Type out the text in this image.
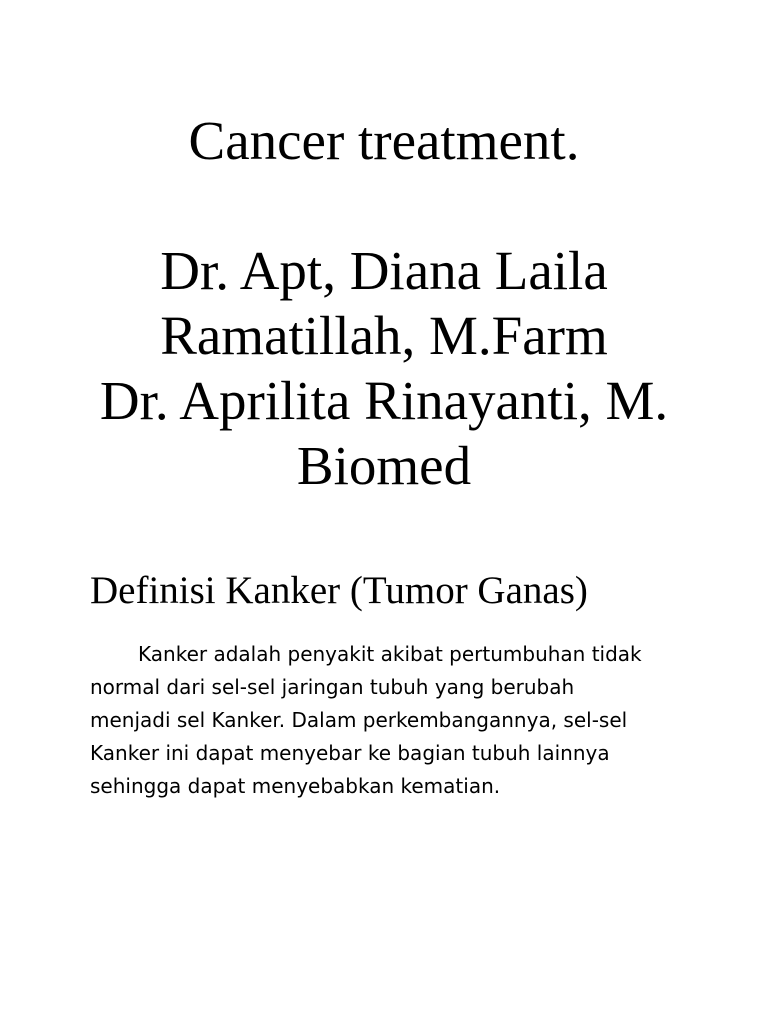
Cancer treatment.
Dr. Apt, Diana Laila
Ramatillah, M.Farm
Dr. Aprilita Rinayanti, M.
Biomed
Definisi Kanker (Tumor Ganas)
Kanker adalah penyakit akibat pertumbuhan tidak
normal dari sel-sel jaringan tubuh yang berubah
menjadi sel Kanker. Dalam perkembangannya, sel-sel
Kanker ini dapat menyebar ke bagian tubuh lainnya
sehingga dapat menyebabkan kematian.
